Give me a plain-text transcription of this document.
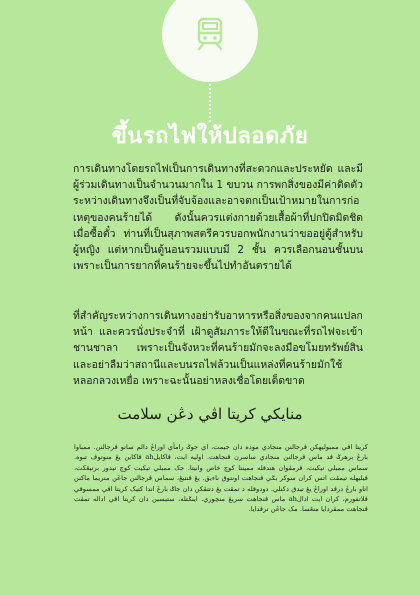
ขึ้นรถไฟให้ปลอดภัย
การเดินทางโดยรถไฟเป็นการเดินทางที่สะดวกและประหยัด และมีผู้ร่วมเดินทางเป็นจำนวนมากใน 1 ขบวน การพกสิ่งของมีค่าติดตัวระหว่างเดินทางจึงเป็นที่จับจ้องและอาจตกเป็นเป้าหมายในการก่อเหตุของคนร้ายได้ ดังนั้นควรแต่งกายด้วยเสื้อผ้าที่ปกปิดมิดชิด เมื่อซื้อตั๋ว ท่านที่เป็นสุภาพสตรีควรบอกพนักงานว่าขออยู่ตู้สำหรับผู้หญิง แต่หากเป็นตู้นอนรวมแบบมี 2 ชั้น ควรเลือกนอนชั้นบน เพราะเป็นการยากที่คนร้ายจะขึ้นไปทำอันตรายได้
ที่สำคัญระหว่างการเดินทางอย่ารับอาหารหรือสิ่งของจากคนแปลกหน้า และควรนั่งประจำที่ เฝ้าดูสัมภาระให้ดีในขณะที่รถไฟจะเข้าชานชาลา เพราะเป็นจังหวะที่คนร้ายมักจะลงมือขโมยทรัพย์สิน และอย่าลืมว่าสถานีและบนรถไฟล้วนเป็นแหล่งที่คนร้ายมักใช้หลอกลวงเหยื่อ เพราะฉะนั้นอย่าหลงเชื่อโดยเด็ดขาด
منايكي كريتا اڤي دڠن سلامت
كريتا اڤي ممبوليهكن ڤرجالنن منجادي موده دان جيمت، اي جوݢ رامأي اوراڠ دالم ساتو ڤرجالنن. ممباوا بارڠ برهرݢ ڤد ماس ڤرجالنن منجادي ساسرن ڤنجاهت. اوليه ايت، ڤاكايلah ڤاكاين يڠ منوتوڤ تبوه. سماس ممبلي تيكيت، ڤرمڤوان هندقله ممينتا كوچ خاص وانيتا. جک ممبلي تيكيت كوچ تيدور برتيڠكت، ڤيليهله تيمڤت اتس كران سوكر بݢي ڤنجاهت اونتوق ناءيق. يڠ ڤنتيڠ، سماس ڤرجالنن جاڠن منريما ماكنن اتاو بارڠ درڤد اوراڠ يڠ تيدق دكنلي. دودوقله د تمڤت يڠ دتتڤكن دان جاݢ بارڠ اندا كتيک كريتا اڤي ممسوقي ڤلاتفورم، كران ايت ادالah ماس ڤنجاهت سريڠ منچوري. اينݢتله، ستيسين دان كريتا اڤي اداله تمڤت ڤنجاهت ممڤردايا منڠسا. مک جاڠن ترڤدايا.
